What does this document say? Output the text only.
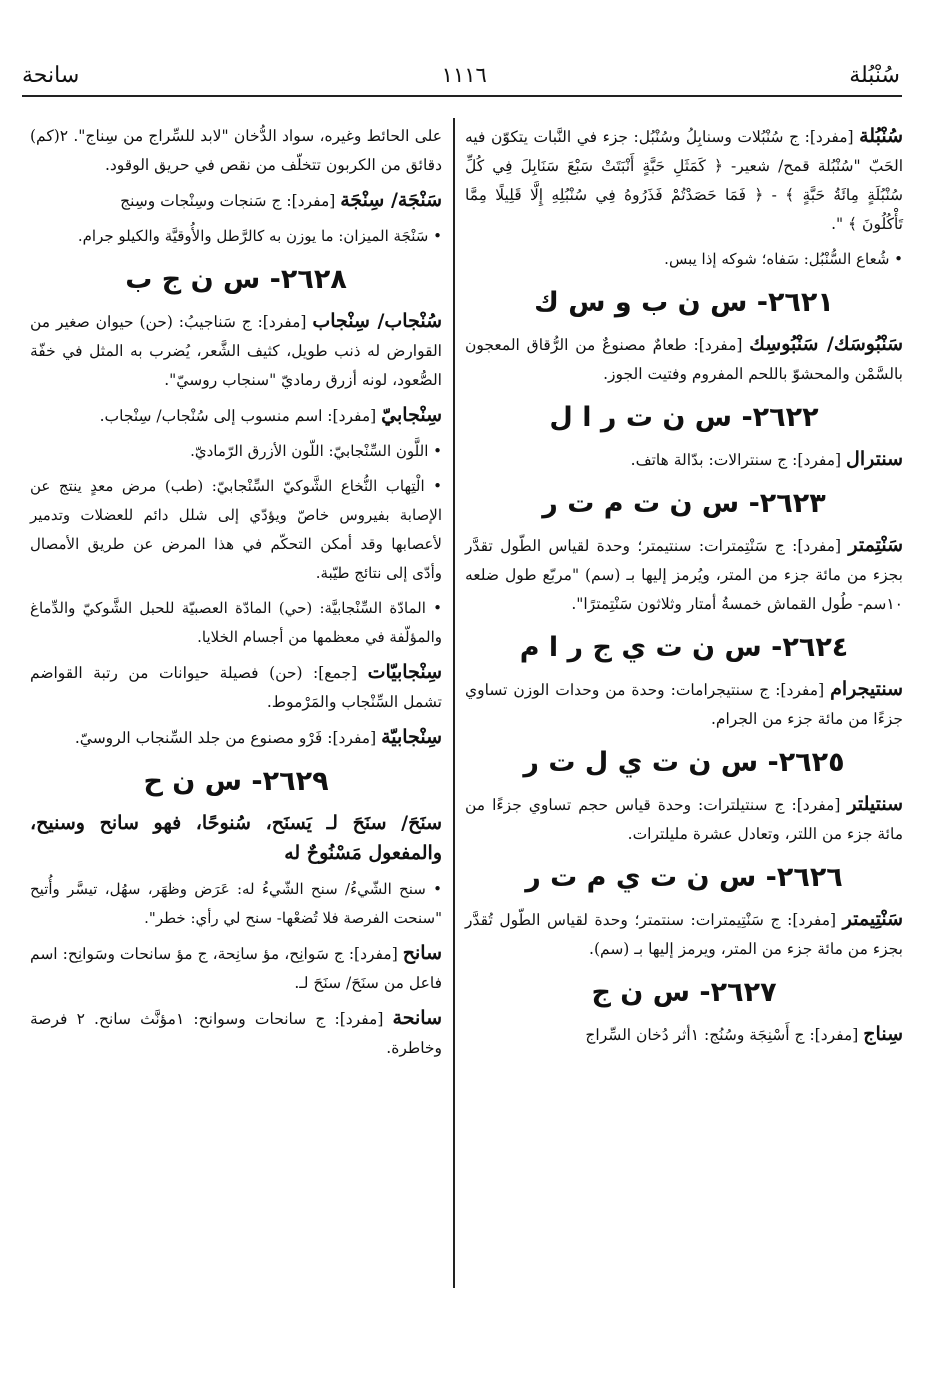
سُنْبُلة
١١١٦
سانحة
سُنْبُلة [مفرد]: ج سُنْبُلات وسنابِلُ وسُنْبُل: جزء في النَّبات يتكوّن فيه الحَبّ "سُنْبُلة قمح/ شعير- ﴿ كَمَثَلِ حَبَّةٍ أَنْبَتَتْ سَبْعَ سَنَابِلَ فِي كُلِّ سُنْبُلَةٍ مِائَةُ حَبَّةٍ ﴾ - ﴿ فَمَا حَصَدْتُمْ فَذَرُوهُ فِي سُنْبُلِهِ إِلَّا قَلِيلًا مِمَّا تَأْكُلُونَ ﴾ ".
• شُعاع السُّنْبُل: سَفاه؛ شوكه إذا يبس.
٢٦٢١- س ن ب و س ك
سَنْبُوسَك/ سَنْبُوسِك [مفرد]: طعامٌ مصنوعٌ من الرُّقاق المعجون بالسَّمْن والمحشوّ باللحم المفروم وفتيت الجوز.
٢٦٢٢- س ن ت ر ا ل
سنترال [مفرد]: ج سنترالات: بدّالة هاتف.
٢٦٢٣- س ن ت م ت ر
سَنْتِمتر [مفرد]: ج سَنْتِمترات: سنتيمتر؛ وحدة لقياس الطّول تقدَّر بجزء من مائة جزء من المتر، ويُرمز إليها بـ (سم) "مربّع طول ضلعه ١٠سم- طُول القماش خمسةُ أمتار وثلاثون سَنْتِمترًا".
٢٦٢٤- س ن ت ي ج ر ا م
سنتيجرام [مفرد]: ج سنتيجرامات: وحدة من وحدات الوزن تساوي جزءًا من مائة جزء من الجرام.
٢٦٢٥- س ن ت ي ل ت ر
سنتيلتر [مفرد]: ج سنتيلترات: وحدة قياس حجم تساوي جزءًا من مائة جزء من اللتر، وتعادل عشرة مليلترات.
٢٦٢٦- س ن ت ي م ت ر
سَنْتِيمتر [مفرد]: ج سَنْتِيمترات: سنتمتر؛ وحدة لقياس الطّول تُقدَّر بجزء من مائة جزء من المتر، ويرمز إليها بـ (سم).
٢٦٢٧- س ن ج
سِناج [مفرد]: ج أَسْنِجَة وسُنُج: ١أثر دُخان السِّراج
على الحائط وغيره، سواد الدُّخان "لابد للسِّراج من سِناج". ٢(كم) دقائق من الكربون تتخلّف من نقص في حريق الوقود.
سَنْجَة/ سِنْجَة [مفرد]: ج سَنجات وسِنْجات وسِنج
• سَنْجَة الميزان: ما يوزن به كالرَّطل والأُوقيَّة والكيلو جرام.
٢٦٢٨- س ن ج ب
سُنْجاب/ سِنْجاب [مفرد]: ج سَناجيبُ: (حن) حيوان صغير من القوارض له ذنب طويل، كثيف الشَّعر، يُضرب به المثل في خفّة الصُّعود، لونه أزرق رماديّ "سنجاب روسيّ".
سِنْجابيّ [مفرد]: اسم منسوب إلى سُنْجاب/ سِنْجاب.
• اللَّون السِّنْجابيّ: اللّون الأزرق الرّماديّ.
• الْتِهاب النُّخاع الشَّوكيّ السِّنْجابيّ: (طب) مرض معدٍ ينتج عن الإصابة بفيروس خاصّ ويؤدّي إلى شلل دائم للعضلات وتدمير لأعصابها وقد أمكن التحكّم في هذا المرض عن طريق الأمصال وأدّى إلى نتائج طيّبة.
• المادّة السِّنْجابيَّة: (حي) المادّة العصبيّة للحبل الشَّوكيّ والدِّماغ والمؤلّفة في معظمها من أجسام الخلايا.
سِنْجابيّات [جمع]: (حن) فصيلة حيوانات من رتبة القواضم تشمل السِّنْجاب والمَرْموط.
سِنْجابيّة [مفرد]: فَرْو مصنوع من جلد السِّنجاب الروسيّ.
٢٦٢٩- س ن ح
سنَحَ/ سنَحَ لـ يَسنَح، سُنوحًا، فهو سانح وسنيح، والمفعول مَسْنُوحٌ له
• سنح الشّيءُ/ سنح الشّيءُ له: عَرَض وظهَر، سهُل، تيسَّر وأُتيح "سنحت الفرصة فلا تُضعْها- سنح لي رأي: خطر".
سانح [مفرد]: ج سَوانِح، مؤ سانِحة، ج مؤ سانحات وسَوانِح: اسم فاعل من سنَحَ/ سنَحَ لـ.
سانحة [مفرد]: ج سانحات وسوانح: ١مؤنَّث سانح. ٢ فرصة وخاطرة.
